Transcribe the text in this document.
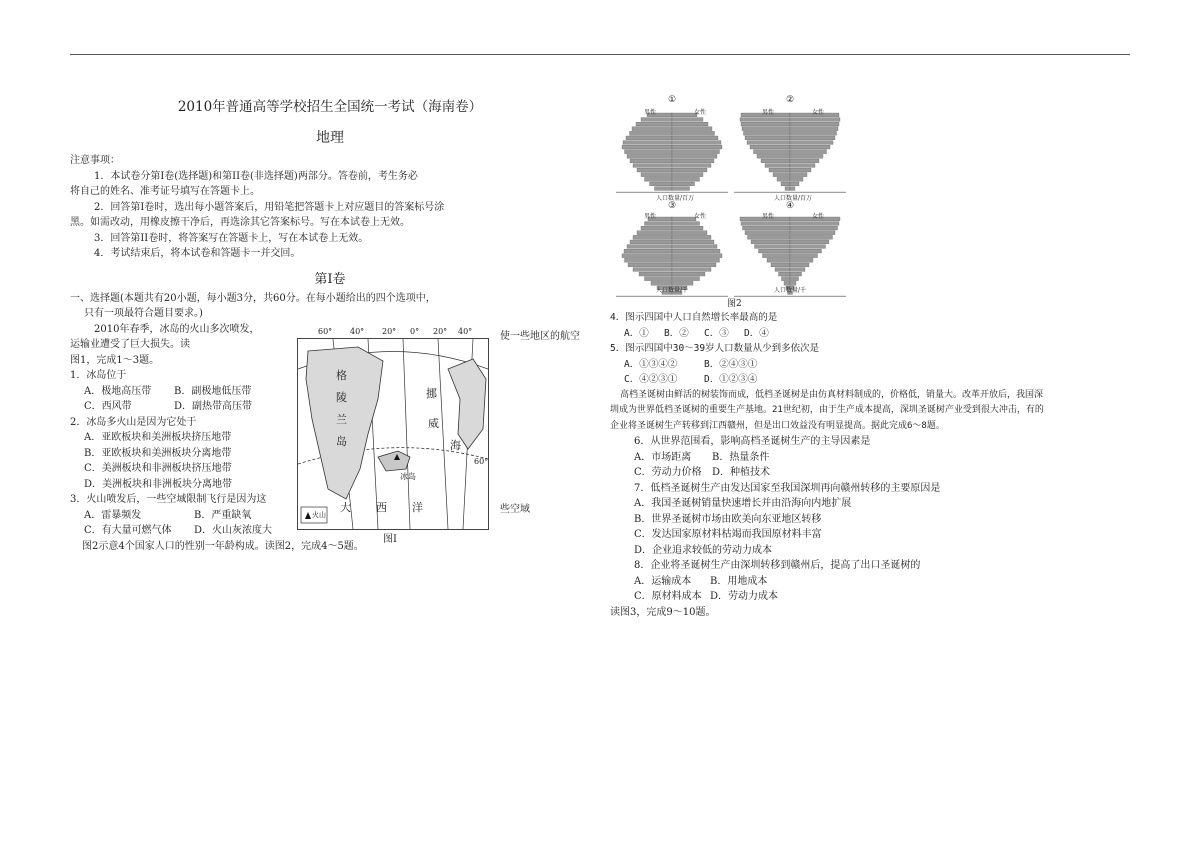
2010年普通高等学校招生全国统一考试（海南卷）
地理
注意事项：
1．本试卷分第I卷(选择题)和第II卷(非选择题)两部分。答卷前，考生务必
将自己的姓名、准考证号填写在答题卡上。
2．回答第I卷时，选出每小题答案后，用铅笔把答题卡上对应题目的答案标号涂
黑。如需改动，用橡皮擦干净后，再选涂其它答案标号。写在本试卷上无效。
3．回答第II卷时，将答案写在答题卡上，写在本试卷上无效。
4．考试结束后，将本试卷和答题卡一并交回。
第I卷
一、选择题(本题共有20小题，每小题3分，共60分。在每小题给出的四个选项中，
只有一项最符合题目要求。)
2010年春季，冰岛的火山多次喷发，
运输业遭受了巨大损失。读
图1，完成1～3题。
1．冰岛位于
A．极地高压带	B．副极地低压带
C．西风带	D．副热带高压带
2．冰岛多火山是因为它处于
A．亚欧板块和美洲板块挤压地带
B．亚欧板块和美洲板块分离地带
C．美洲板块和非洲板块挤压地带
D．美洲板块和非洲板块分离地带
3．火山喷发后，一些空域限制飞行是因为这
A．雷暴频发	B．严重缺氧
C．有大量可燃气体	D．火山灰浓度大
图2示意4个国家人口的性别一年龄构成。读图2，完成4～5题。
使一些地区的航空
些空域
60° 40° 20° 0° 20° 40°
60°
格
陵
兰
岛
挪
威
海
冰岛
大 西 洋
火山
图I
①	②
③	④
男性	女性	男性	女性
男性	女性	男性	女性
人口数量/百万	人口数量/百万
人口数量/千	人口数量/千
图2
4．图示四国中人口自然增长率最高的是
A．①	B．②	C．③	D．④
5．图示四国中30～39岁人口数量从少到多依次是
A．①③④②	B．②④③①
C．④②③①	D．①②③④
高档圣诞树由鲜活的树装饰而成，低档圣诞树是由仿真材料制成的，价格低，销量大。改革开放后，我国深
圳成为世界低档圣诞树的重要生产基地。21世纪初，由于生产成本提高，深圳圣诞树产业受到很大冲击，有的
企业将圣诞树生产转移到江西赣州，但是出口效益没有明显提高。据此完成6～8题。
6．从世界范围看，影响高档圣诞树生产的主导因素是
A．市场距离	B．热量条件
C．劳动力价格	D．种植技术
7．低档圣诞树生产由发达国家至我国深圳再向赣州转移的主要原因是
A．我国圣诞树销量快速增长并由沿海向内地扩展
B．世界圣诞树市场由欧美向东亚地区转移
C．发达国家原材料枯竭而我国原材料丰富
D．企业追求较低的劳动力成本
8．企业将圣诞树生产由深圳转移到赣州后，提高了出口圣诞树的
A．运输成本	B．用地成本
C．原材料成本 D．劳动力成本
读图3，完成9～10题。
